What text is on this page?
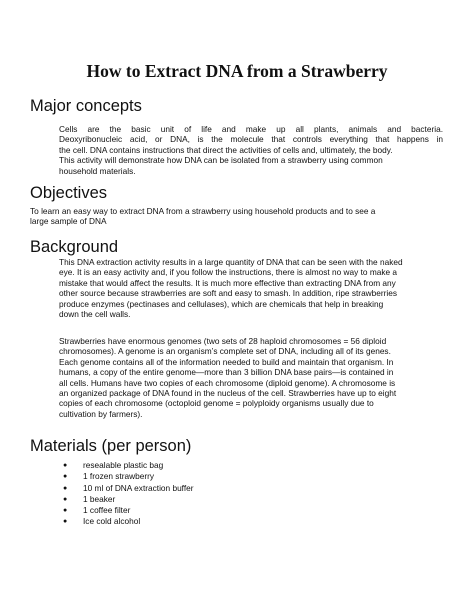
How to Extract DNA from a Strawberry
Major concepts
Cells are the basic unit of life and make up all plants, animals and bacteria.
Deoxyribonucleic acid, or DNA, is the molecule that controls everything that happens in
the cell. DNA contains instructions that direct the activities of cells and, ultimately, the body.
This activity will demonstrate how DNA can be isolated from a strawberry using common
household materials.
Objectives
To learn an easy way to extract DNA from a strawberry using household products and to see a
large sample of DNA
Background
This DNA extraction activity results in a large quantity of DNA that can be seen with the naked
eye. It is an easy activity and, if you follow the instructions, there is almost no way to make a
mistake that would affect the results. It is much more effective than extracting DNA from any
other source because strawberries are soft and easy to smash. In addition, ripe strawberries
produce enzymes (pectinases and cellulases), which are chemicals that help in breaking
down the cell walls.
Strawberries have enormous genomes (two sets of 28 haploid chromosomes = 56 diploid
chromosomes). A genome is an organism’s complete set of DNA, including all of its genes.
Each genome contains all of the information needed to build and maintain that organism. In
humans, a copy of the entire genome—more than 3 billion DNA base pairs—is contained in
all cells. Humans have two copies of each chromosome (diploid genome). A chromosome is
an organized package of DNA found in the nucleus of the cell. Strawberries have up to eight
copies of each chromosome (octoploid genome = polyploidy organisms usually due to
cultivation by farmers).
Materials (per person)
● resealable plastic bag
● 1 frozen strawberry
● 10 ml of DNA extraction buffer
● 1 beaker
● 1 coffee filter
● Ice cold alcohol
